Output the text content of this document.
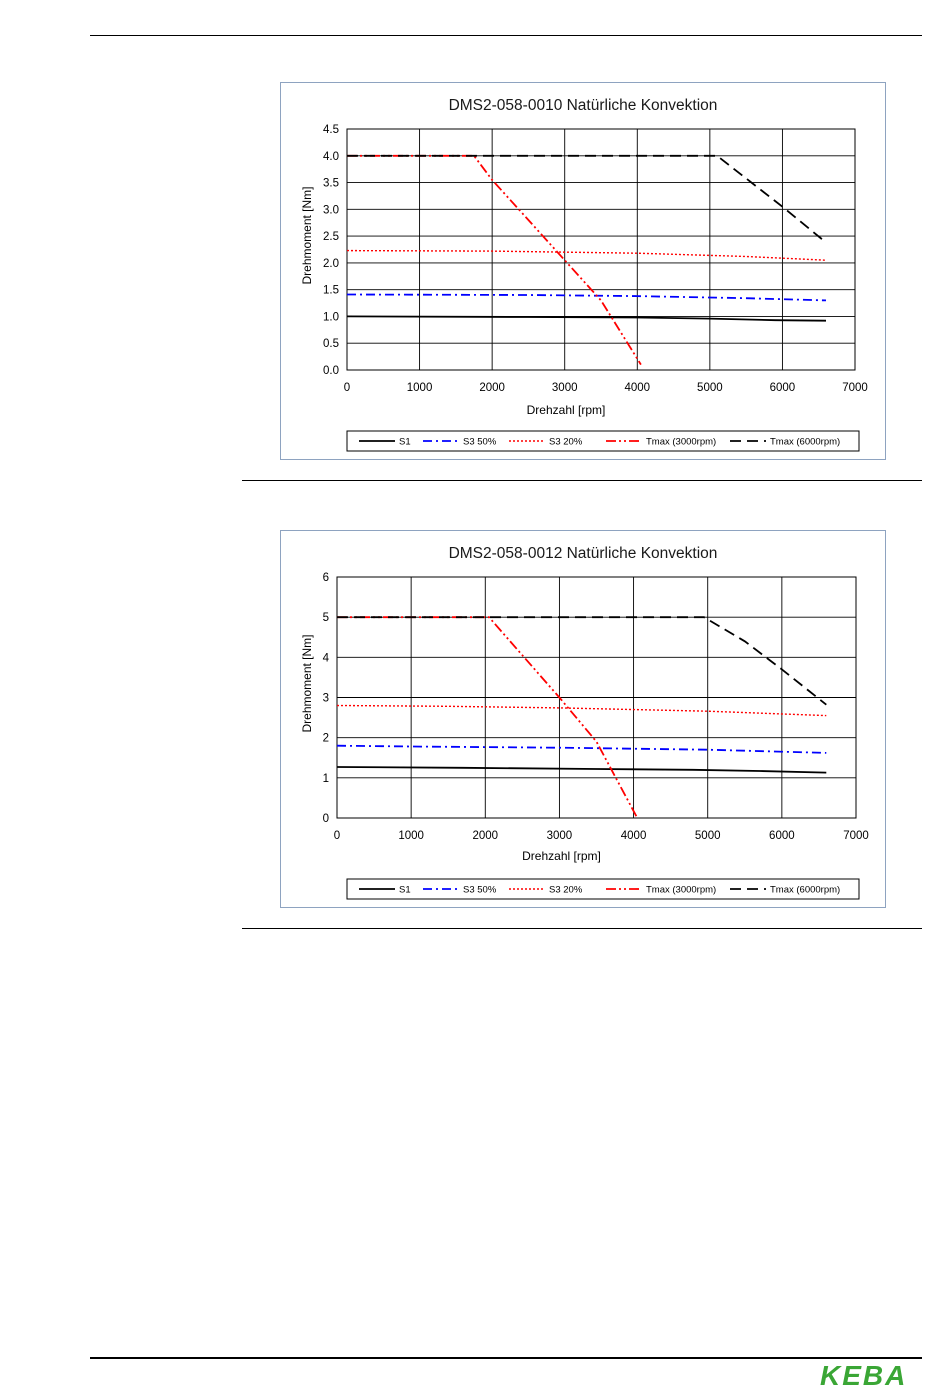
DMS2-058-0010 Natürliche Konvektion
0	1000	2000	3000	4000	5000	6000	7000
0.0
0.5
1.0
1.5
2.0
2.5
3.0
3.5
4.0
4.5
Drehzahl [rpm]
Drehmoment [Nm]
S1	S3 50%	S3 20%	Tmax (3000rpm)	Tmax (6000rpm)
DMS2-058-0012 Natürliche Konvektion
0	1000	2000	3000	4000	5000	6000	7000
0
1
2
3
4
5
6
Drehzahl [rpm]
Drehmoment [Nm]
S1	S3 50%	S3 20%	Tmax (3000rpm)	Tmax (6000rpm)
KEBA
